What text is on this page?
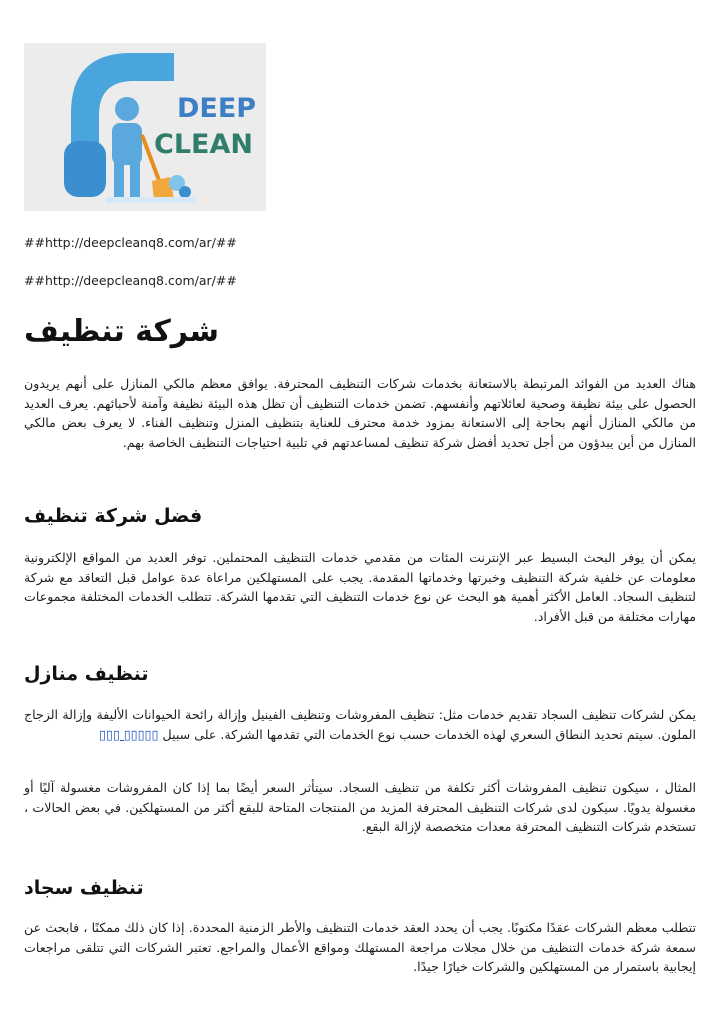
DEEP
CLEAN
##http://deepcleanq8.com/ar/##
##http://deepcleanq8.com/ar/##
شركة تنظيف
هناك العديد من الفوائد المرتبطة بالاستعانة بخدمات شركات التنظيف المحترفة. يوافق معظم مالكي المنازل على أنهم يريدون الحصول على بيئة نظيفة وصحية لعائلاتهم وأنفسهم. تضمن خدمات التنظيف أن تظل هذه البيئة نظيفة وآمنة لأحبائهم. يعرف العديد من مالكي المنازل أنهم بحاجة إلى الاستعانة بمزود خدمة محترف للعناية بتنظيف المنزل وتنظيف الفناء. لا يعرف بعض مالكي المنازل من أين يبدؤون من أجل تحديد أفضل شركة تنظيف لمساعدتهم في تلبية احتياجات التنظيف الخاصة بهم.
فضل شركة تنظيف
يمكن أن يوفر البحث البسيط عبر الإنترنت المئات من مقدمي خدمات التنظيف المحتملين. توفر العديد من المواقع الإلكترونية معلومات عن خلفية شركة التنظيف وخبرتها وخدماتها المقدمة. يجب على المستهلكين مراعاة عدة عوامل قبل التعاقد مع شركة لتنظيف السجاد. العامل الأكثر أهمية هو البحث عن نوع خدمات التنظيف التي تقدمها الشركة. تتطلب الخدمات المختلفة مجموعات مهارات مختلفة من قبل الأفراد.
تنظيف منازل
يمكن لشركات تنظيف السجاد تقديم خدمات مثل: تنظيف المفروشات وتنظيف الفينيل وإزالة رائحة الحيوانات الأليفة وإزالة الزجاج الملون. سيتم تحديد النطاق السعري لهذه الخدمات حسب نوع الخدمات التي تقدمها الشركة. على سبيل ▯▯▯▯▯ ▯▯▯
المثال ، سيكون تنظيف المفروشات أكثر تكلفة من تنظيف السجاد. سيتأثر السعر أيضًا بما إذا كان المفروشات مغسولة آليًا أو مغسولة يدويًا. سيكون لدى شركات التنظيف المحترفة المزيد من المنتجات المتاحة للبقع أكثر من المستهلكين. في بعض الحالات ، تستخدم شركات التنظيف المحترفة معدات متخصصة لإزالة البقع.
تنظيف سجاد
تتطلب معظم الشركات عقدًا مكتوبًا. يجب أن يحدد العقد خدمات التنظيف والأطر الزمنية المحددة. إذا كان ذلك ممكنًا ، فابحث عن سمعة شركة خدمات التنظيف من خلال مجلات مراجعة المستهلك ومواقع الأعمال والمراجع. تعتبر الشركات التي تتلقى مراجعات إيجابية باستمرار من المستهلكين والشركات خيارًا جيدًا.
